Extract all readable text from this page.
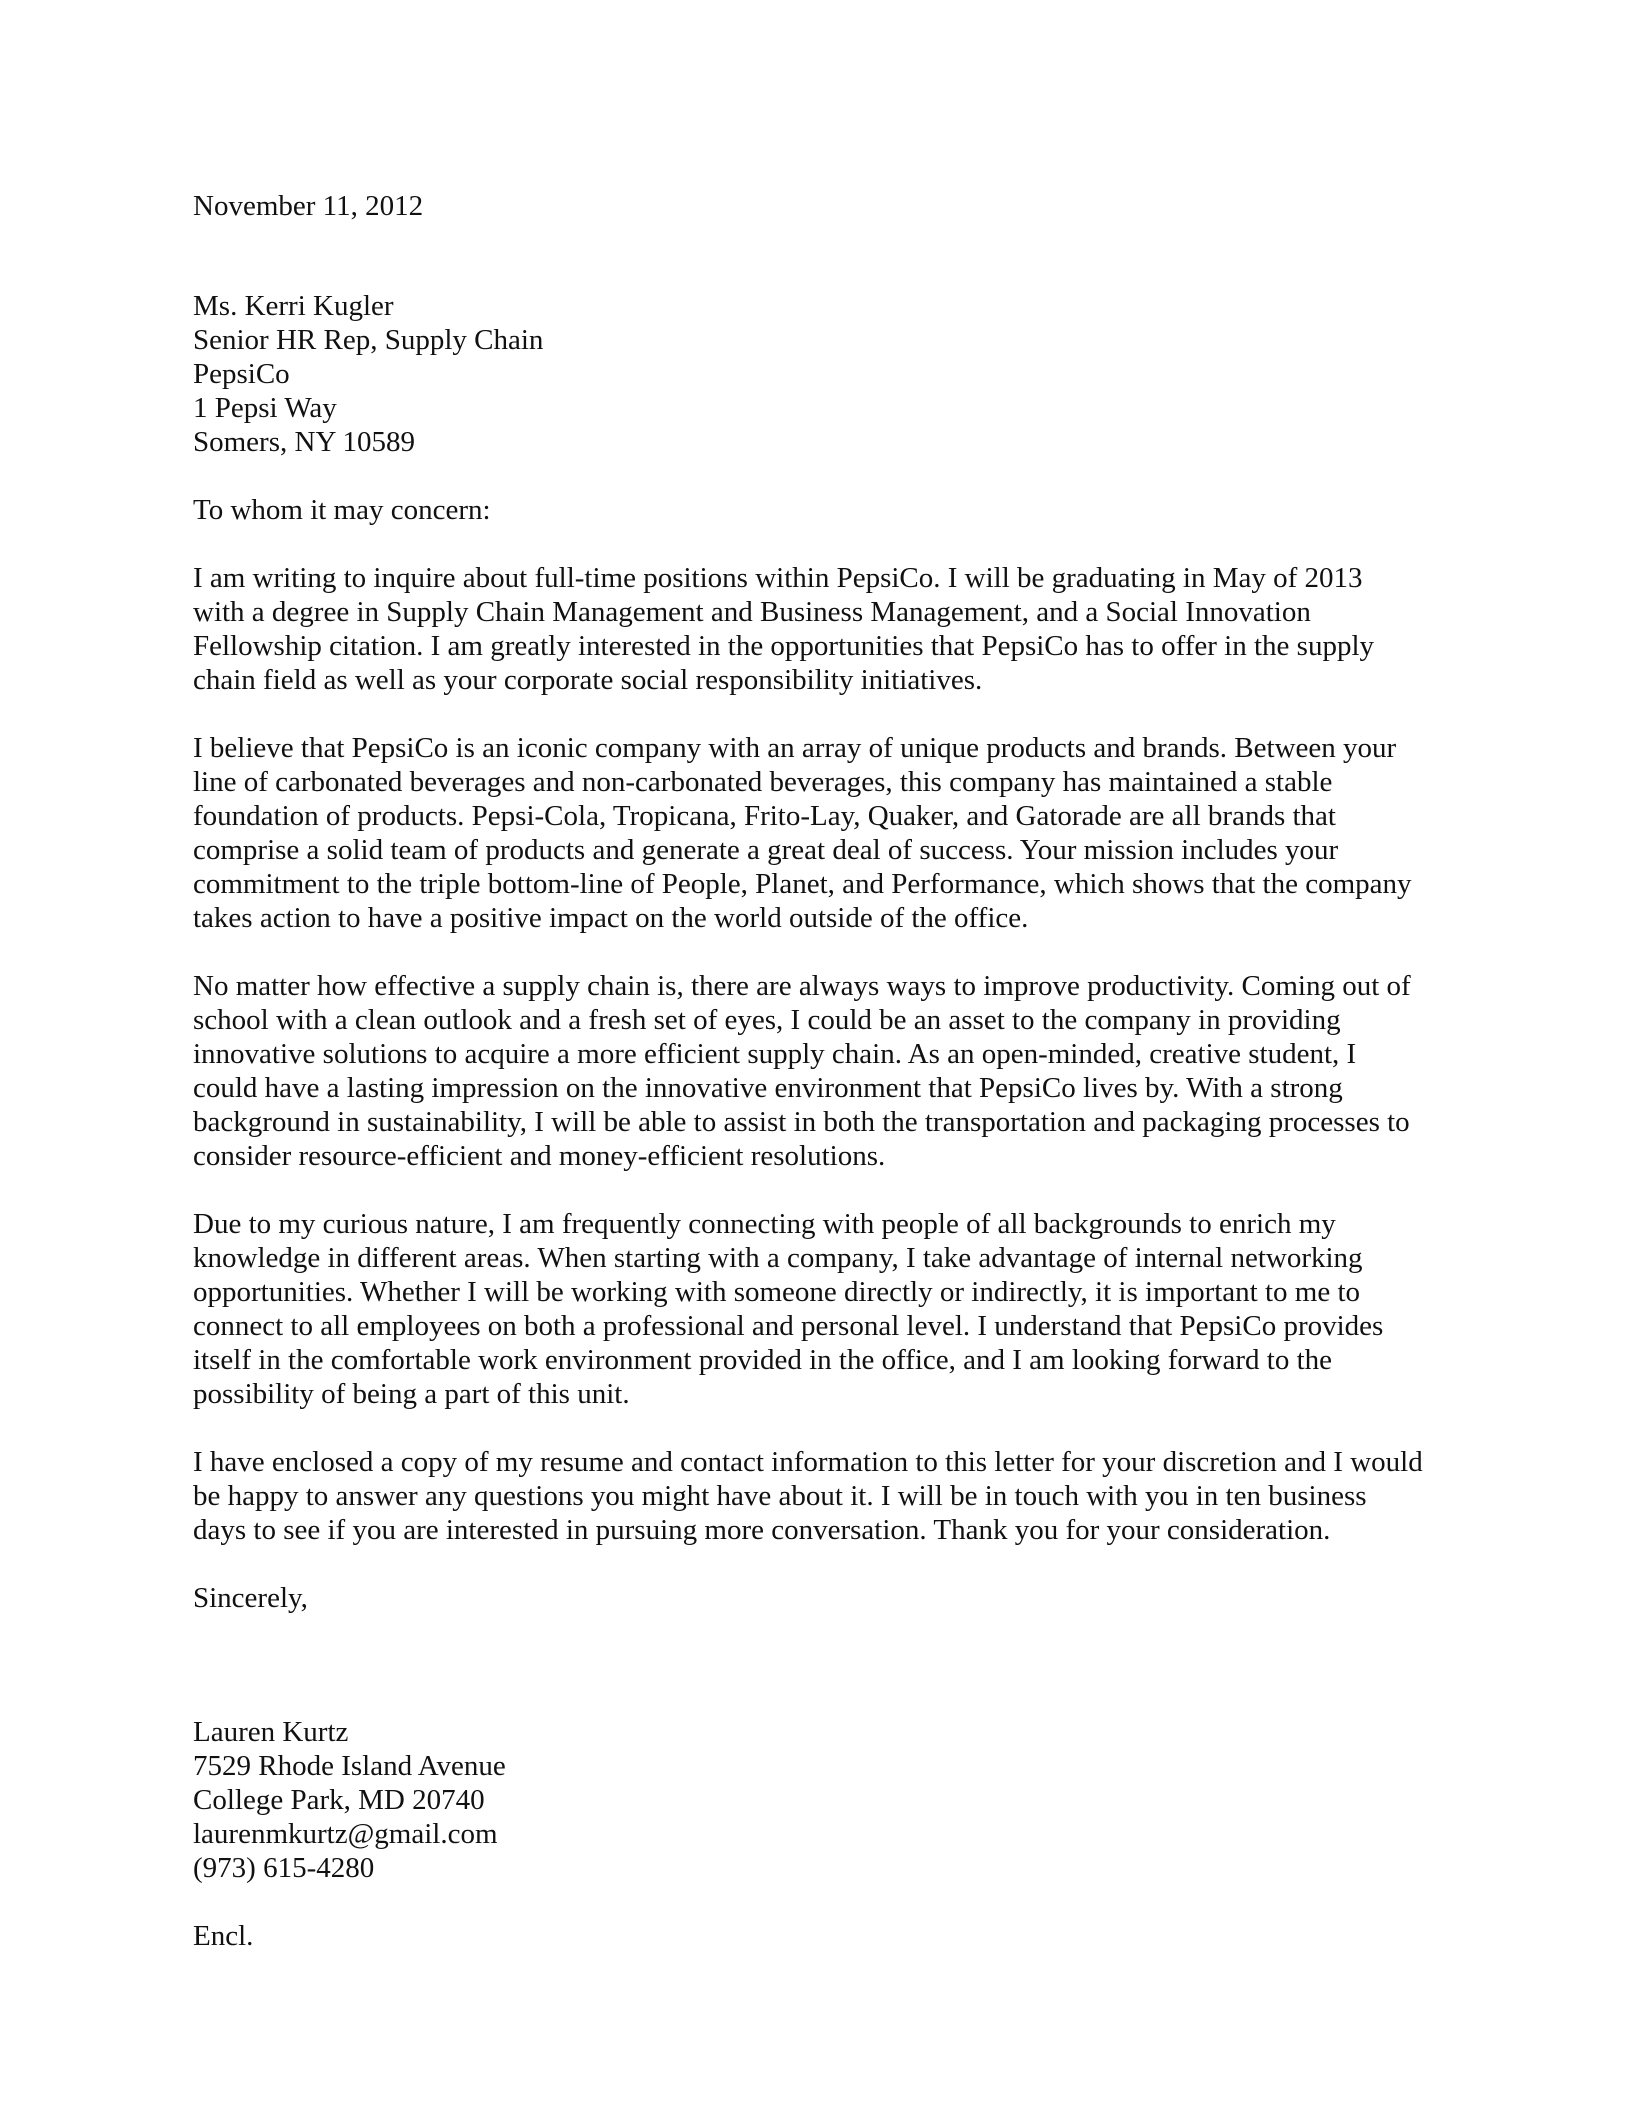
November 11, 2012
Ms. Kerri Kugler
Senior HR Rep, Supply Chain
PepsiCo
1 Pepsi Way
Somers, NY 10589
To whom it may concern:
I am writing to inquire about full-time positions within PepsiCo. I will be graduating in May of 2013
with a degree in Supply Chain Management and Business Management, and a Social Innovation
Fellowship citation. I am greatly interested in the opportunities that PepsiCo has to offer in the supply
chain field as well as your corporate social responsibility initiatives.
I believe that PepsiCo is an iconic company with an array of unique products and brands. Between your
line of carbonated beverages and non-carbonated beverages, this company has maintained a stable
foundation of products. Pepsi-Cola, Tropicana, Frito-Lay, Quaker, and Gatorade are all brands that
comprise a solid team of products and generate a great deal of success. Your mission includes your
commitment to the triple bottom-line of People, Planet, and Performance, which shows that the company
takes action to have a positive impact on the world outside of the office.
No matter how effective a supply chain is, there are always ways to improve productivity. Coming out of
school with a clean outlook and a fresh set of eyes, I could be an asset to the company in providing
innovative solutions to acquire a more efficient supply chain. As an open-minded, creative student, I
could have a lasting impression on the innovative environment that PepsiCo lives by. With a strong
background in sustainability, I will be able to assist in both the transportation and packaging processes to
consider resource-efficient and money-efficient resolutions.
Due to my curious nature, I am frequently connecting with people of all backgrounds to enrich my
knowledge in different areas. When starting with a company, I take advantage of internal networking
opportunities. Whether I will be working with someone directly or indirectly, it is important to me to
connect to all employees on both a professional and personal level. I understand that PepsiCo provides
itself in the comfortable work environment provided in the office, and I am looking forward to the
possibility of being a part of this unit.
I have enclosed a copy of my resume and contact information to this letter for your discretion and I would
be happy to answer any questions you might have about it. I will be in touch with you in ten business
days to see if you are interested in pursuing more conversation. Thank you for your consideration.
Sincerely,
Lauren Kurtz
7529 Rhode Island Avenue
College Park, MD 20740
laurenmkurtz@gmail.com
(973) 615-4280
Encl.
